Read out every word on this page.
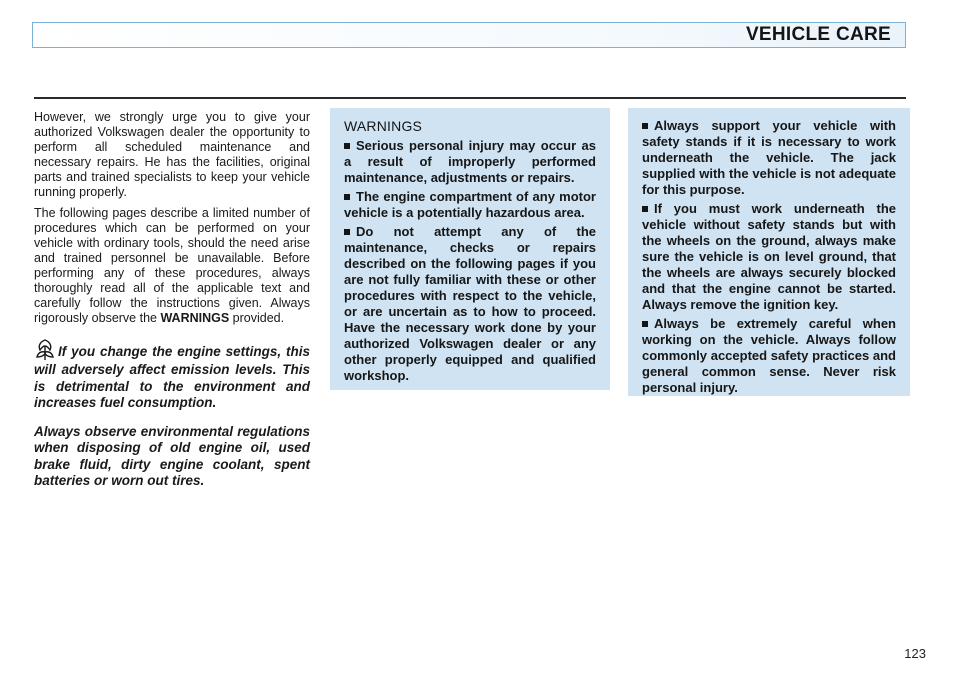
VEHICLE CARE

However, we strongly urge you to give your authorized Volkswagen dealer the opportunity to perform all scheduled maintenance and necessary repairs. He has the facilities, original parts and trained specialists to keep your vehicle running properly.

The following pages describe a limited number of procedures which can be performed on your vehicle with ordinary tools, should the need arise and trained personnel be unavailable. Before performing any of these procedures, always thoroughly read all of the applicable text and carefully follow the instructions given. Always rigorously observe the WARNINGS provided.

If you change the engine settings, this will adversely affect emission levels. This is detrimental to the environment and increases fuel consumption.

Always observe environmental regulations when disposing of old engine oil, used brake fluid, dirty engine coolant, spent batteries or worn out tires.

WARNINGS

Serious personal injury may occur as a result of improperly performed maintenance, adjustments or repairs.

The engine compartment of any motor vehicle is a potentially hazardous area.

Do not attempt any of the maintenance, checks or repairs described on the following pages if you are not fully familiar with these or other procedures with respect to the vehicle, or are uncertain as to how to proceed. Have the necessary work done by your authorized Volkswagen dealer or any other properly equipped and qualified workshop.

Always support your vehicle with safety stands if it is necessary to work underneath the vehicle. The jack supplied with the vehicle is not adequate for this purpose.

If you must work underneath the vehicle without safety stands but with the wheels on the ground, always make sure the vehicle is on level ground, that the wheels are always securely blocked and that the engine cannot be started. Always remove the ignition key.

Always be extremely careful when working on the vehicle. Always follow commonly accepted safety practices and general common sense. Never risk personal injury.

123
